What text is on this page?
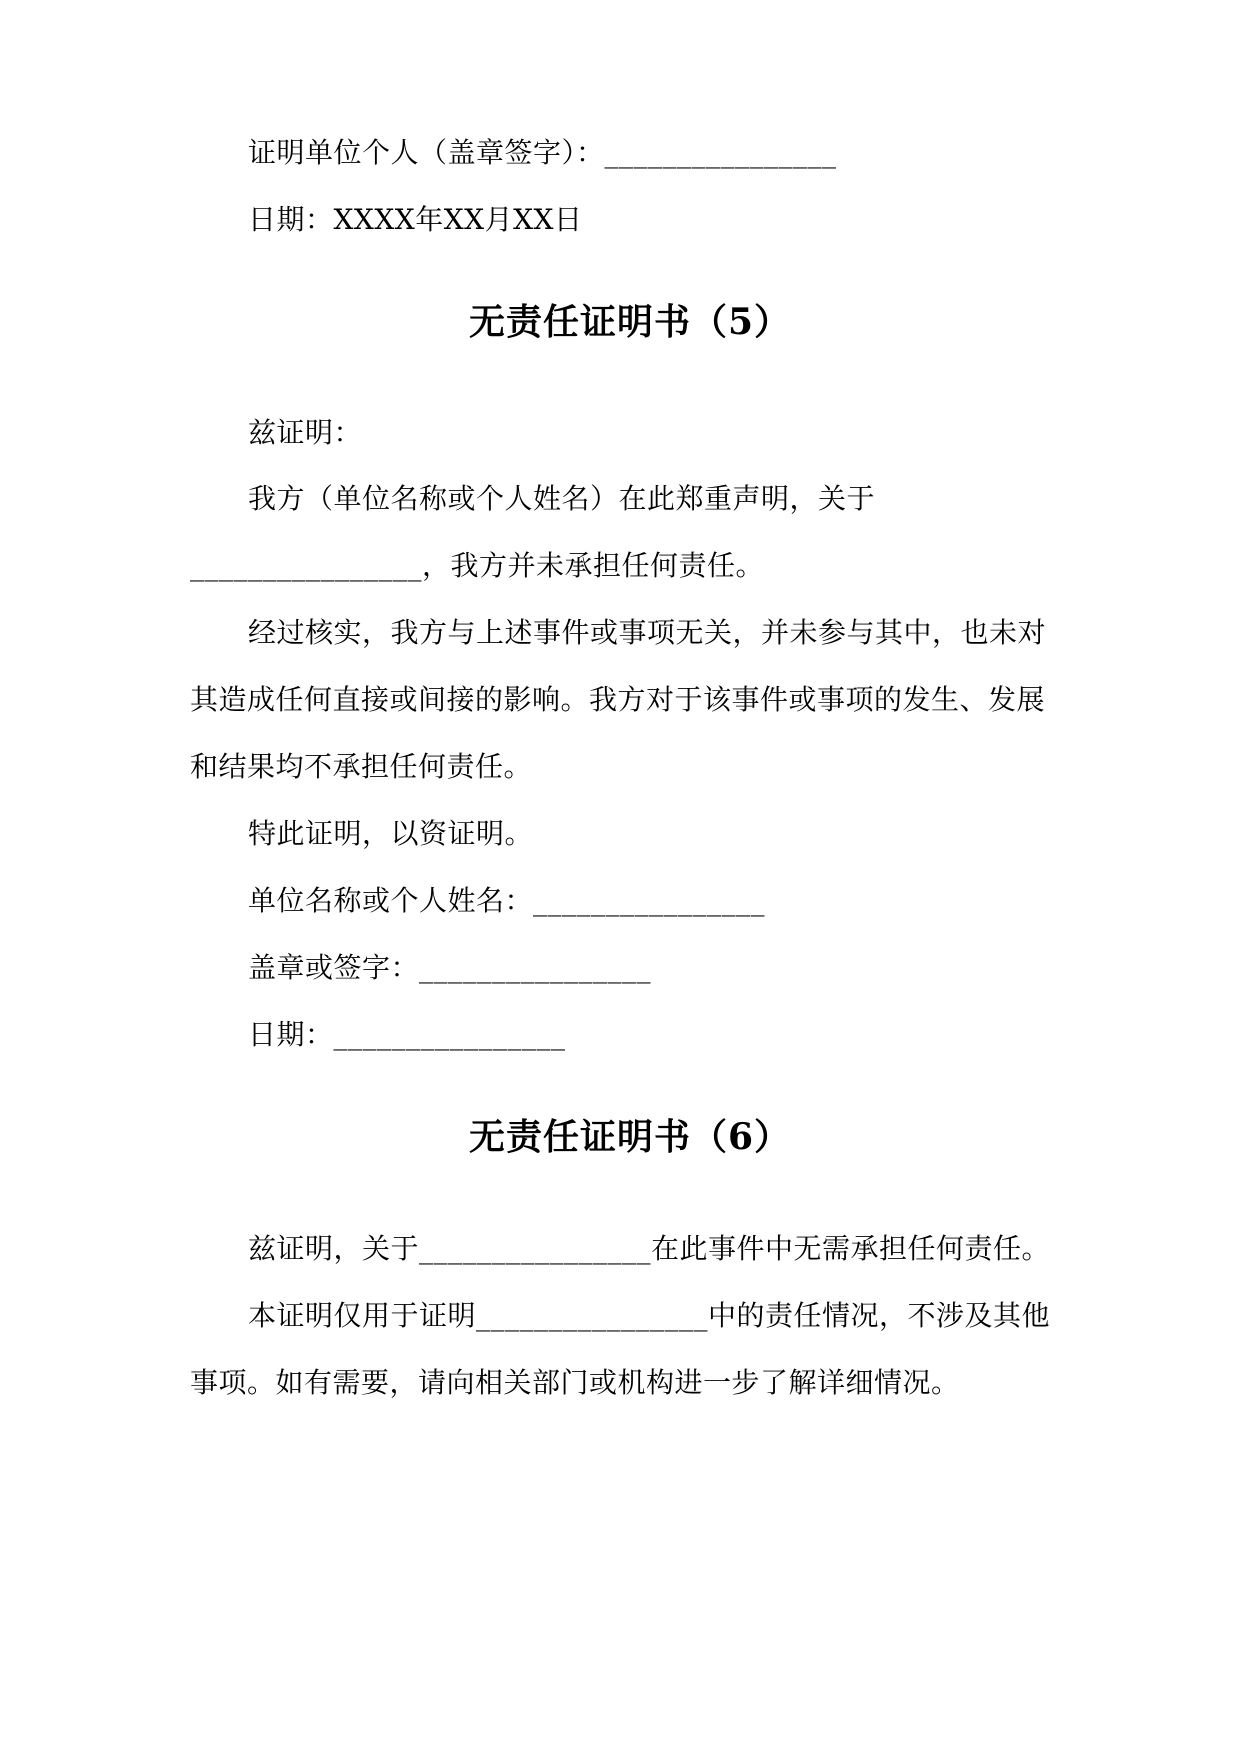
证明单位个人（盖章签字）：________________
日期：XXXX年XX月XX日
无责任证明书（5）
兹证明：
我方（单位名称或个人姓名）在此郑重声明，关于
________________，我方并未承担任何责任。
经过核实，我方与上述事件或事项无关，并未参与其中，也未对
其造成任何直接或间接的影响。我方对于该事件或事项的发生、发展
和结果均不承担任何责任。
特此证明，以资证明。
单位名称或个人姓名：________________
盖章或签字：________________
日期：________________
无责任证明书（6）
兹证明，关于________________在此事件中无需承担任何责任。
本证明仅用于证明________________中的责任情况，不涉及其他
事项。如有需要，请向相关部门或机构进一步了解详细情况。
